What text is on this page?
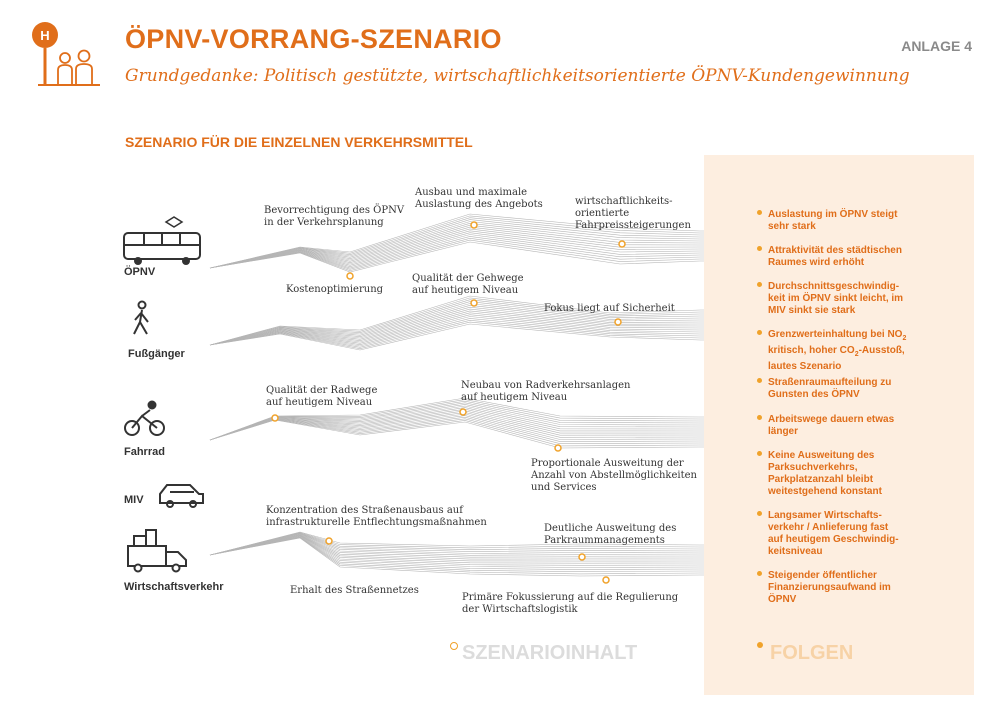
H	ÖPNV-VORRANG-SZENARIO
Grundgedanke: Politisch gestützte, wirtschaftlichkeitsorientierte ÖPNV-Kundengewinnung
ANLAGE 4
SZENARIO FÜR DIE EINZELNEN VERKEHRSMITTEL
ÖPNV
Fußgänger
Fahrrad
MIV
Wirtschaftsverkehr
Bevorrechtigung des ÖPNV
in der Verkehrsplanung
Kostenoptimierung
Ausbau und maximale
Auslastung des Angebots	wirtschaftlichkeits-
orientierte
Fahrpreissteigerungen
Qualität der Gehwege
auf heutigem Niveau
Fokus liegt auf Sicherheit
Qualität der Radwege
auf heutigem Niveau
Neubau von Radverkehrsanlagen
auf heutigem Niveau
Proportionale Ausweitung der
Anzahl von Abstellmöglichkeiten
und Services
Konzentration des Straßenausbaus auf
infrastrukturelle Entflechtungsmaßnahmen
Erhalt des Straßennetzes
Deutliche Ausweitung des
Parkraummanagements
Primäre Fokussierung auf die Regulierung
der Wirtschaftslogistik
Auslastung im ÖPNV steigt
sehr stark
Attraktivität des städtischen
Raumes wird erhöht
Durchschnittsgeschwindig-
keit im ÖPNV sinkt leicht, im
MIV sinkt sie stark
Grenzwerteinhaltung bei $NO_2$
kritisch, hoher $CO_2$-Ausstoß,
lautes Szenario
Straßenraumaufteilung zu
Gunsten des ÖPNV
Arbeitswege dauern etwas
länger
Keine Ausweitung des
Parksuchverkehrs,
Parkplatzanzahl bleibt
weitestgehend konstant
Langsamer Wirtschafts-
verkehr / Anlieferung fast
auf heutigem Geschwindig-
keitsniveau
Steigender öffentlicher
Finanzierungsaufwand im
ÖPNV
SZENARIOINHALT	FOLGEN
